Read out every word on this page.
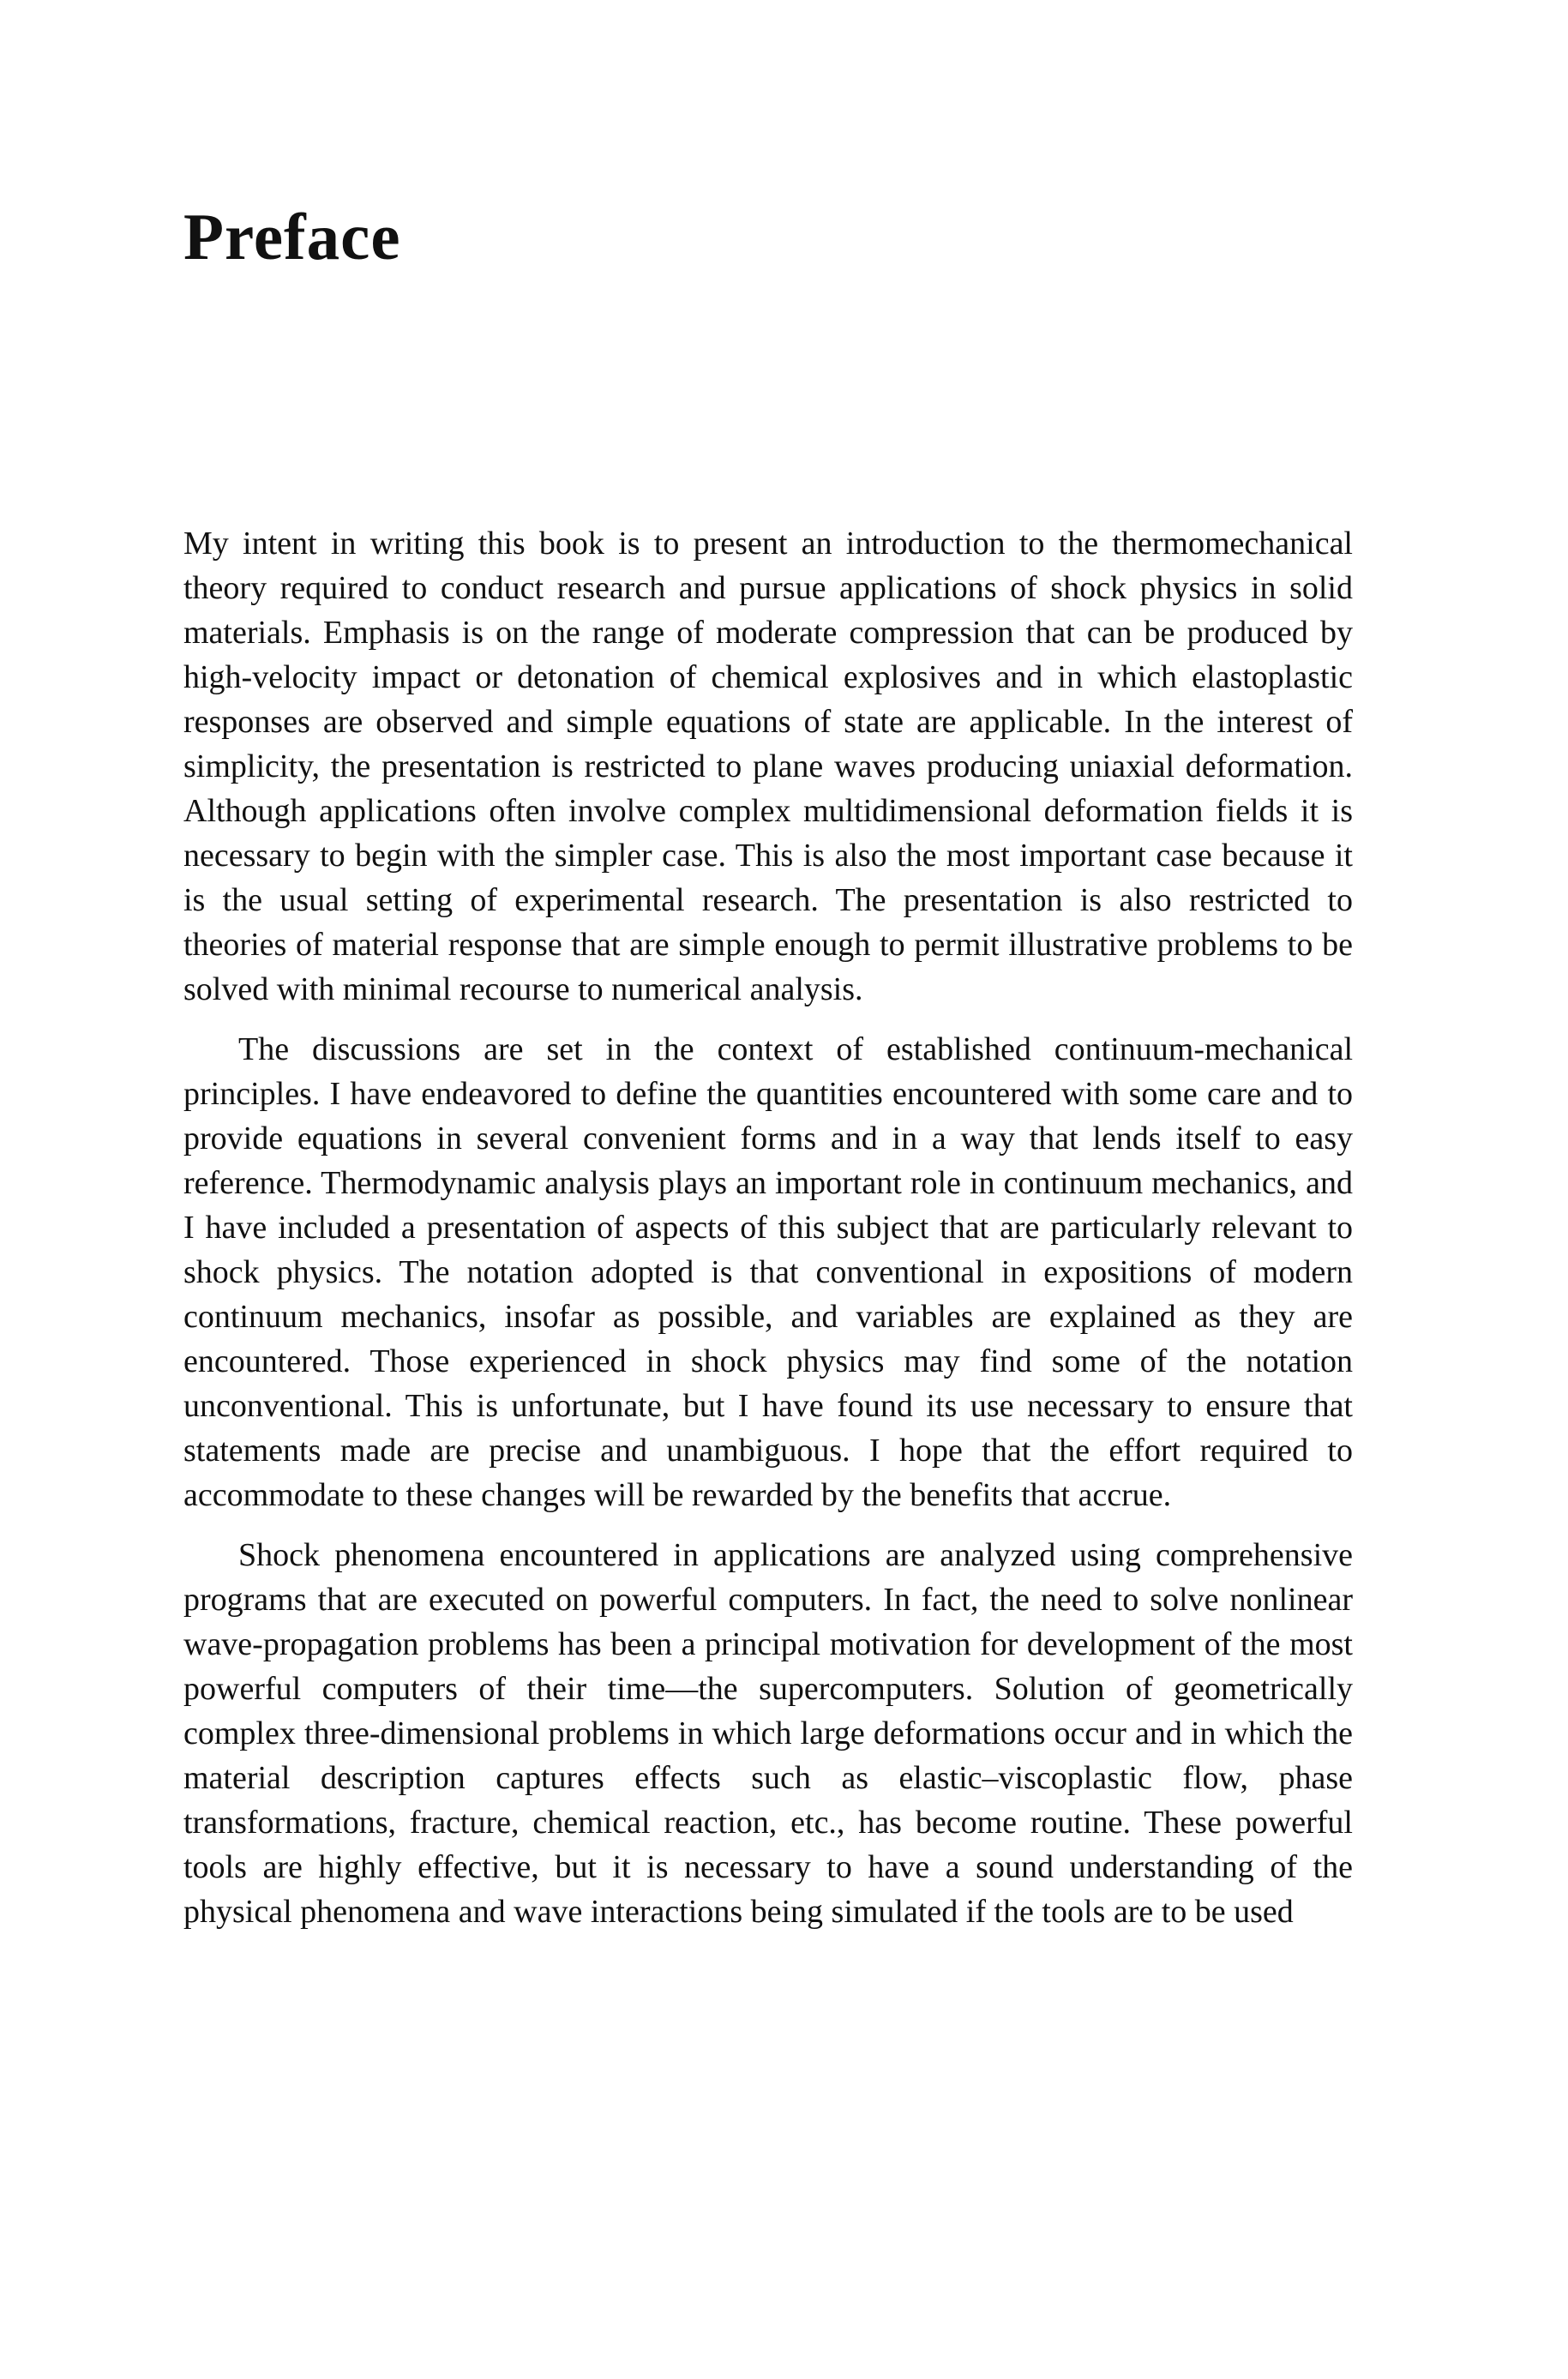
Preface

My intent in writing this book is to present an introduction to the thermomechanical theory required to conduct research and pursue applications of shock physics in solid materials. Emphasis is on the range of moderate compression that can be produced by high-velocity impact or detonation of chemical explosives and in which elastoplastic responses are observed and simple equations of state are applicable. In the interest of simplicity, the presentation is restricted to plane waves producing uniaxial deformation. Although applications often involve complex multidimensional deformation fields it is necessary to begin with the simpler case. This is also the most important case because it is the usual setting of experimental research. The presentation is also restricted to theories of material response that are simple enough to permit illustrative problems to be solved with minimal recourse to numerical analysis.

The discussions are set in the context of established continuum-mechanical principles. I have endeavored to define the quantities encountered with some care and to provide equations in several convenient forms and in a way that lends itself to easy reference. Thermodynamic analysis plays an important role in continuum mechanics, and I have included a presentation of aspects of this subject that are particularly relevant to shock physics. The notation adopted is that conventional in expositions of modern continuum mechanics, insofar as possible, and variables are explained as they are encountered. Those experienced in shock physics may find some of the notation unconventional. This is unfortunate, but I have found its use necessary to ensure that statements made are precise and unambiguous. I hope that the effort required to accommodate to these changes will be rewarded by the benefits that accrue.

Shock phenomena encountered in applications are analyzed using comprehensive programs that are executed on powerful computers. In fact, the need to solve nonlinear wave-propagation problems has been a principal motivation for development of the most powerful computers of their time—the supercomputers. Solution of geometrically complex three-dimensional problems in which large deformations occur and in which the material description captures effects such as elastic–viscoplastic flow, phase transformations, fracture, chemical reaction, etc., has become routine. These powerful tools are highly effective, but it is necessary to have a sound understanding of the physical phenomena and wave interactions being simulated if the tools are to be used
